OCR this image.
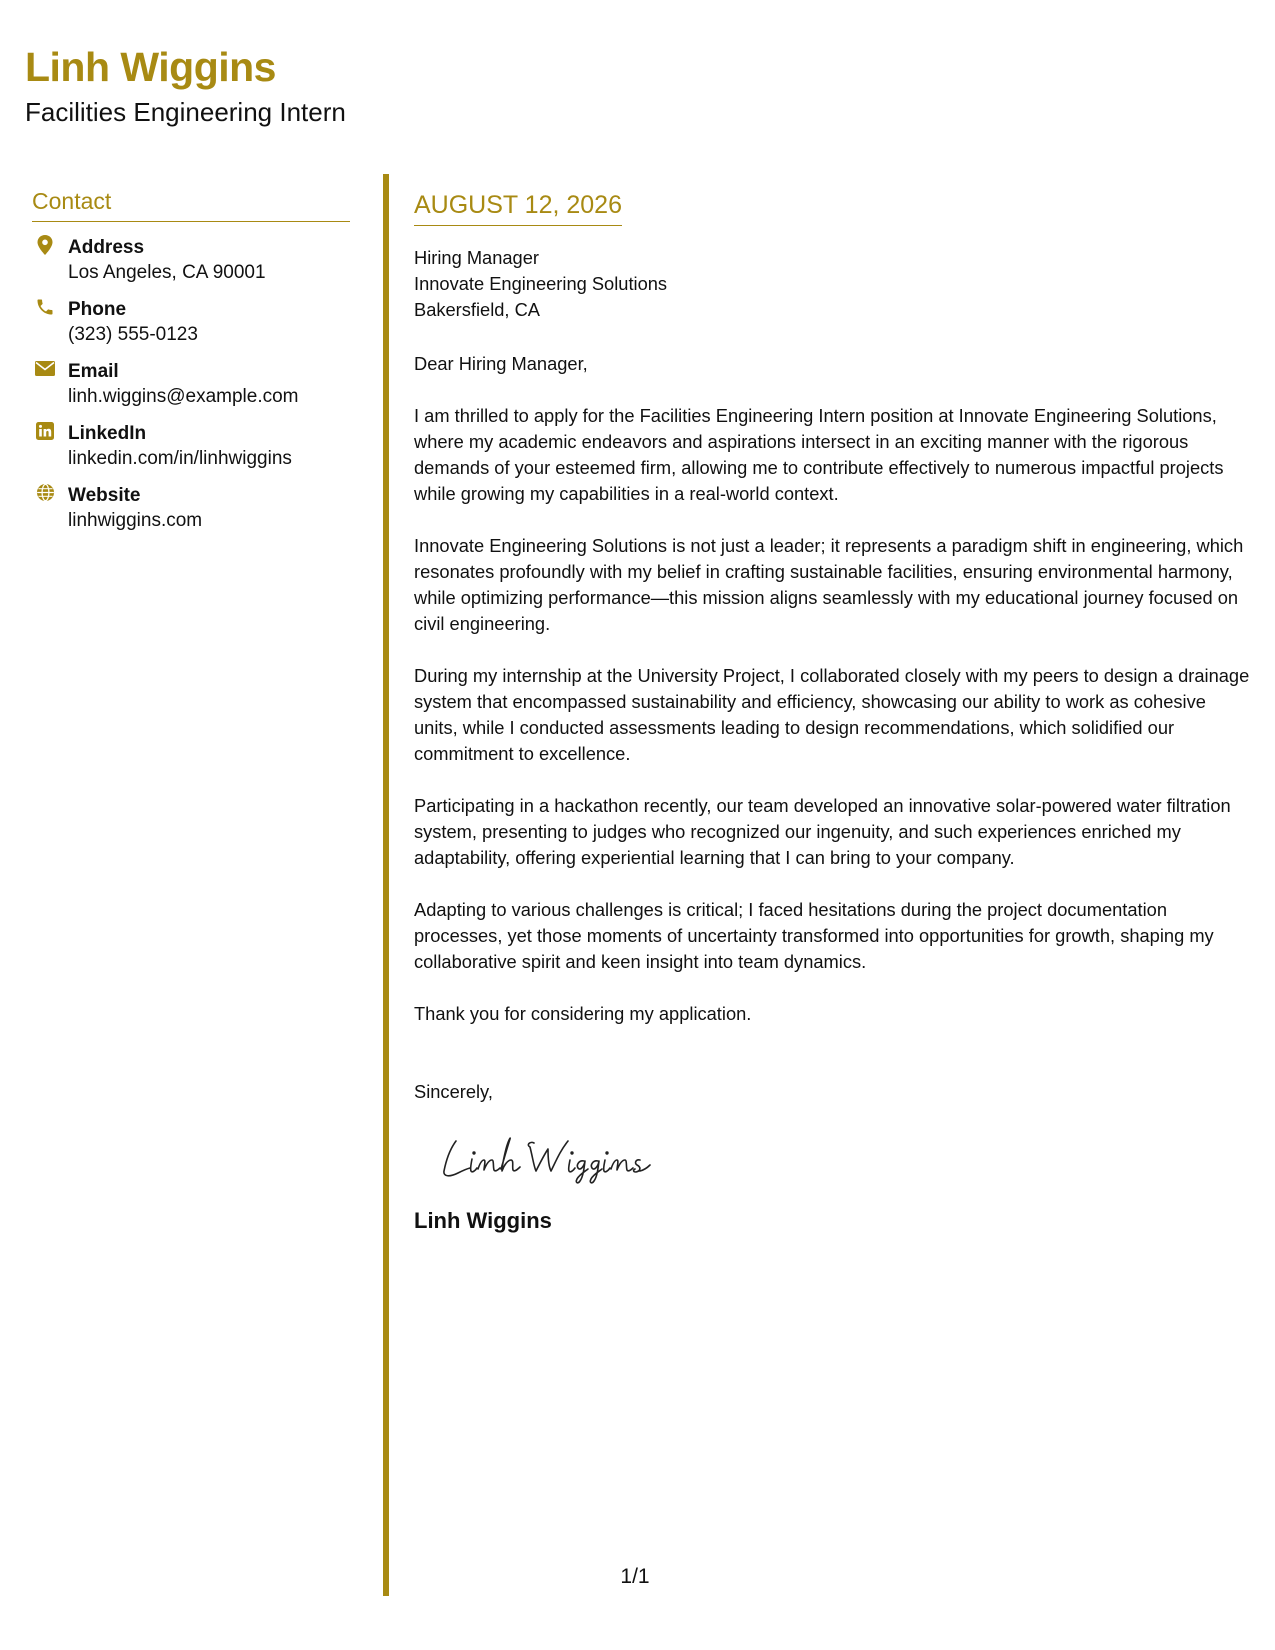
Linh Wiggins
Facilities Engineering Intern
Contact
Address
Los Angeles, CA 90001
Phone
(323) 555-0123
Email
linh.wiggins@example.com
LinkedIn
linkedin.com/in/linhwiggins
Website
linhwiggins.com
AUGUST 12, 2026
Hiring Manager
Innovate Engineering Solutions
Bakersfield, CA
Dear Hiring Manager,

I am thrilled to apply for the Facilities Engineering Intern position at Innovate Engineering Solutions, where my academic endeavors and aspirations intersect in an exciting manner with the rigorous demands of your esteemed firm, allowing me to contribute effectively to numerous impactful projects while growing my capabilities in a real-world context.

Innovate Engineering Solutions is not just a leader; it represents a paradigm shift in engineering, which resonates profoundly with my belief in crafting sustainable facilities, ensuring environmental harmony, while optimizing performance—this mission aligns seamlessly with my educational journey focused on civil engineering.

During my internship at the University Project, I collaborated closely with my peers to design a drainage system that encompassed sustainability and efficiency, showcasing our ability to work as cohesive units, while I conducted assessments leading to design recommendations, which solidified our commitment to excellence.

Participating in a hackathon recently, our team developed an innovative solar-powered water filtration system, presenting to judges who recognized our ingenuity, and such experiences enriched my adaptability, offering experiential learning that I can bring to your company.

Adapting to various challenges is critical; I faced hesitations during the project documentation processes, yet those moments of uncertainty transformed into opportunities for growth, shaping my collaborative spirit and keen insight into team dynamics.

Thank you for considering my application.

Sincerely,
Linh Wiggins
1/1
